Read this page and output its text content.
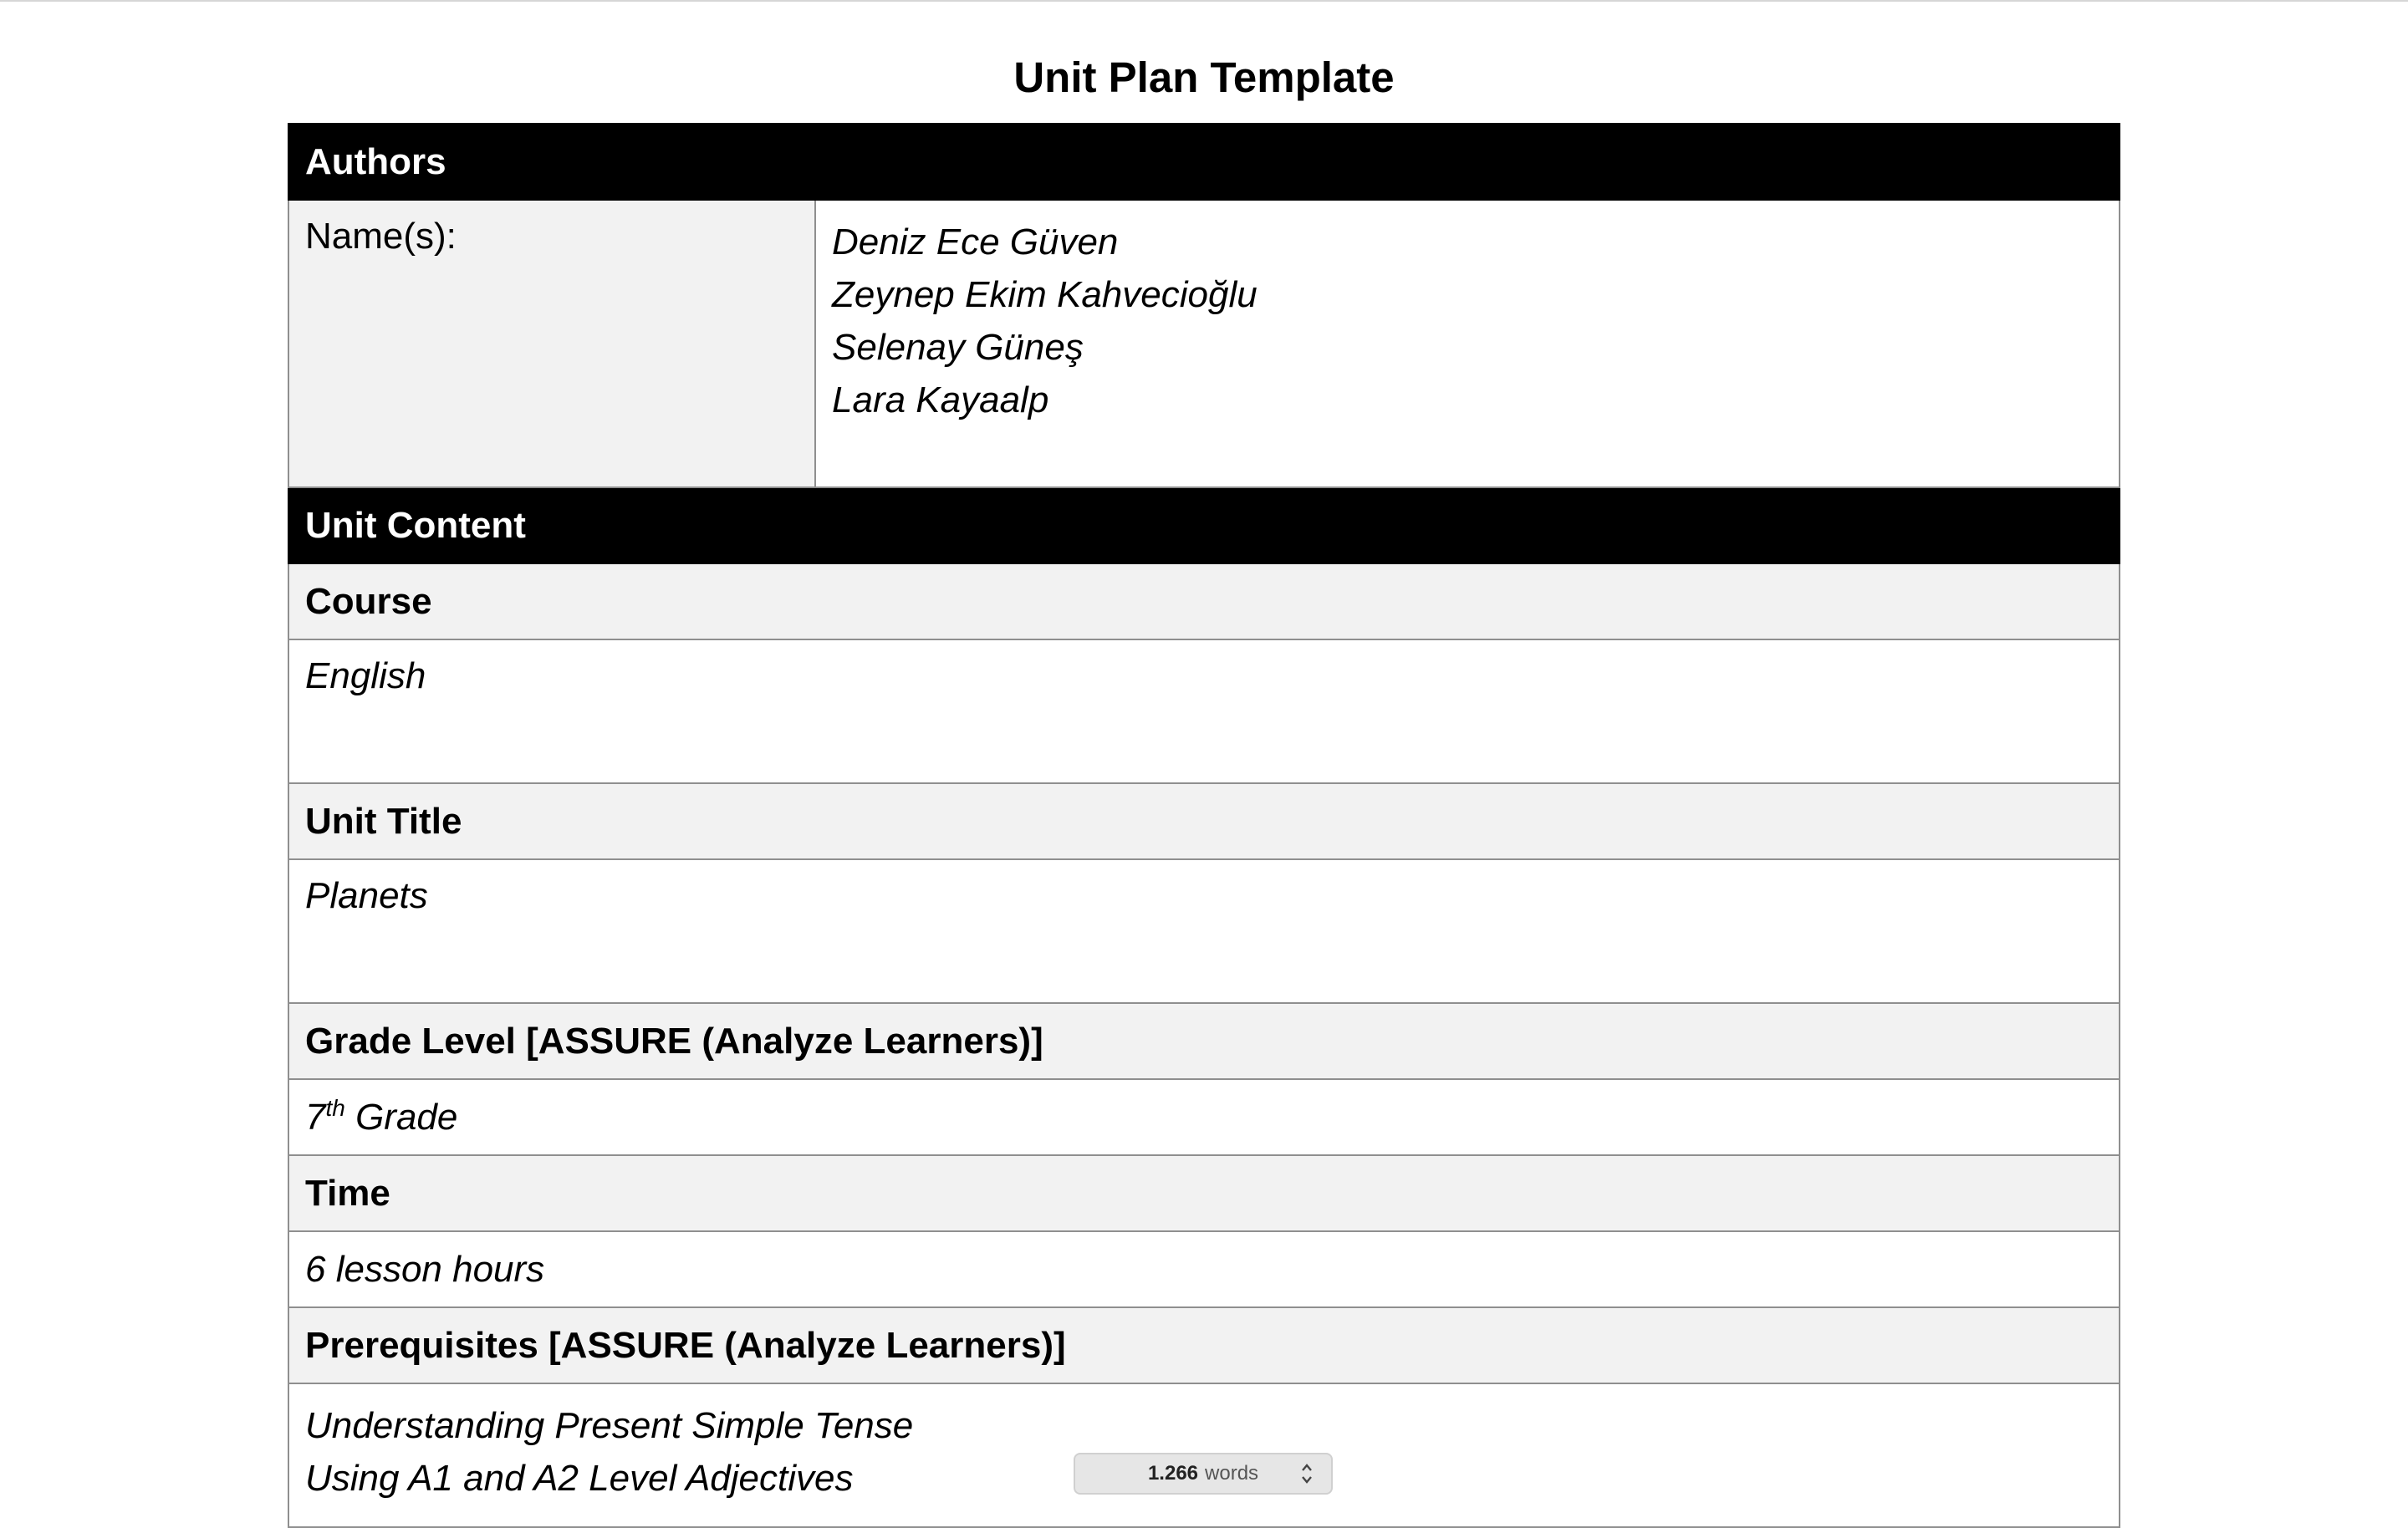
Unit Plan Template
Authors	
Name(s):	Deniz Ece Güven
Zeynep Ekim Kahvecioğlu
Selenay Güneş
Lara Kayaalp

Unit Content	
Course	
English	
Unit Title	
Planets	
Grade Level [ASSURE (Analyze Learners)]	
7th Grade	
Time	
6 lesson hours	
Prerequisites [ASSURE (Analyze Learners)]	

Understanding Present Simple Tense
Using A1 and A2 Level Adjectives		1.266 words
